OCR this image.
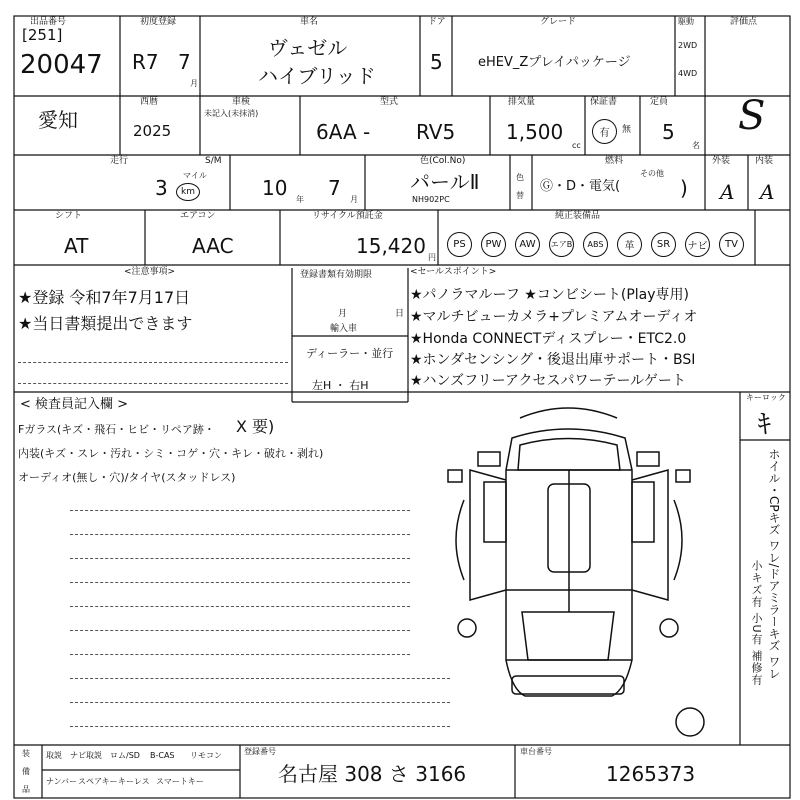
出品番号
[251]
20047
初度登録
R7 7
月
車名
ヴェゼル
ハイブリッド
ドア
5
グレード
eHEV_Zプレイパッケージ
駆動
2WD
4WD
評価点
S
愛知
西暦
2025
車検
未記入(未抹消)
型式
6AA - RV5
排気量
1,500
cc
保証書
有	無
定員
5
名
走行
3
マイル
km
S/M
10 年 7 月
色(Col.No)
パールⅡ
NH902PC
色
替
燃料
Ⓖ・D・電気(
その他
)
外装
A
内装
A
シフト
AT
エアコン
AAC
リサイクル預託金
15,420 円
純正装備品
PS	PW	AW	エアB	ABS	革	SR	ナビ	TV
<注意事項>
★登録 令和7年7月17日
★当日書類提出できます
登録書類有効期限
月	日
輸入車
ディーラー・並行
左H ・ 右H
<セールスポイント>
★パノラマルーフ ★コンビシート(Play専用)
★マルチビューカメラ+プレミアムオーディオ
★Honda CONNECTディスプレー・ETC2.0
★ホンダセンシング・後退出庫サポート・BSI
★ハンズフリーアクセスパワーテールゲート
< 検査員記入欄 >
Fガラス(キズ・飛石・ヒビ・リペア跡・ X 要)
内装(キズ・スレ・汚れ・シミ・コゲ・穴・キレ・破れ・剥れ)
オーディオ(無し・穴)/タイヤ(スタッドレス)
キーロック
ｷ
ホイル・CPキズ ワレ/ドアミラーキズ ワレ
小キズ有 小U有 補修有
装
備
品
取説 ナビ取説 ロム/SD B-CAS リモコン
ナンバー スペアキー キーレス スマートキー
登録番号
名古屋 308 さ 3166
車台番号
1265373
